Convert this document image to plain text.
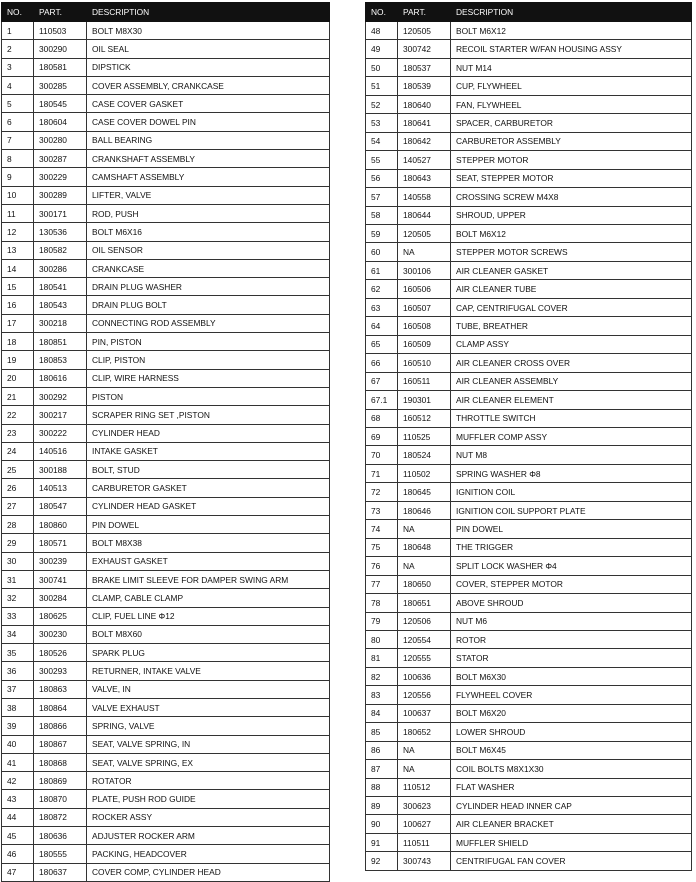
NO.	PART.	DESCRIPTION
1	110503	BOLT M8X30
2	300290	OIL SEAL
3	180581	DIPSTICK
4	300285	COVER ASSEMBLY, CRANKCASE
5	180545	CASE COVER GASKET
6	180604	CASE COVER DOWEL PIN
7	300280	BALL BEARING
8	300287	CRANKSHAFT ASSEMBLY
9	300229	CAMSHAFT ASSEMBLY
10	300289	LIFTER, VALVE
11	300171	ROD, PUSH
12	130536	BOLT M6X16
13	180582	OIL SENSOR
14	300286	CRANKCASE
15	180541	DRAIN PLUG WASHER
16	180543	DRAIN PLUG BOLT
17	300218	CONNECTING ROD ASSEMBLY
18	180851	PIN, PISTON
19	180853	CLIP, PISTON
20	180616	CLIP, WIRE HARNESS
21	300292	PISTON
22	300217	SCRAPER RING SET ,PISTON
23	300222	CYLINDER HEAD
24	140516	INTAKE GASKET
25	300188	BOLT, STUD
26	140513	CARBURETOR GASKET
27	180547	CYLINDER HEAD GASKET
28	180860	PIN DOWEL
29	180571	BOLT M8X38
30	300239	EXHAUST GASKET
31	300741	BRAKE LIMIT SLEEVE FOR DAMPER SWING ARM
32	300284	CLAMP, CABLE CLAMP
33	180625	CLIP, FUEL LINE Φ12
34	300230	BOLT M8X60
35	180526	SPARK PLUG
36	300293	RETURNER, INTAKE VALVE
37	180863	VALVE, IN
38	180864	VALVE EXHAUST
39	180866	SPRING, VALVE
40	180867	SEAT, VALVE SPRING, IN
41	180868	SEAT, VALVE SPRING, EX
42	180869	ROTATOR
43	180870	PLATE, PUSH ROD GUIDE
44	180872	ROCKER ASSY
45	180636	ADJUSTER ROCKER ARM
46	180555	PACKING, HEADCOVER
47	180637	COVER COMP, CYLINDER HEAD
NO.	PART.	DESCRIPTION
48	120505	BOLT M6X12
49	300742	RECOIL STARTER W/FAN HOUSING ASSY
50	180537	NUT M14
51	180539	CUP, FLYWHEEL
52	180640	FAN, FLYWHEEL
53	180641	SPACER, CARBURETOR
54	180642	CARBURETOR ASSEMBLY
55	140527	STEPPER MOTOR
56	180643	SEAT, STEPPER MOTOR
57	140558	CROSSING SCREW M4X8
58	180644	SHROUD, UPPER
59	120505	BOLT M6X12
60	NA	STEPPER MOTOR SCREWS
61	300106	AIR CLEANER GASKET
62	160506	AIR CLEANER TUBE
63	160507	CAP, CENTRIFUGAL COVER
64	160508	TUBE, BREATHER
65	160509	CLAMP ASSY
66	160510	AIR CLEANER CROSS OVER
67	160511	AIR CLEANER ASSEMBLY
67.1	190301	AIR CLEANER ELEMENT
68	160512	THROTTLE SWITCH
69	110525	MUFFLER COMP ASSY
70	180524	NUT M8
71	110502	SPRING WASHER Φ8
72	180645	IGNITION COIL
73	180646	IGNITION COIL SUPPORT PLATE
74	NA	PIN DOWEL
75	180648	THE TRIGGER
76	NA	SPLIT LOCK WASHER Φ4
77	180650	COVER, STEPPER MOTOR
78	180651	ABOVE SHROUD
79	120506	NUT M6
80	120554	ROTOR
81	120555	STATOR
82	100636	BOLT M6X30
83	120556	FLYWHEEL COVER
84	100637	BOLT M6X20
85	180652	LOWER SHROUD
86	NA	BOLT M6X45
87	NA	COIL BOLTS M8X1X30
88	110512	FLAT WASHER
89	300623	CYLINDER HEAD INNER CAP
90	100627	AIR CLEANER BRACKET
91	110511	MUFFLER SHIELD
92	300743	CENTRIFUGAL FAN COVER
